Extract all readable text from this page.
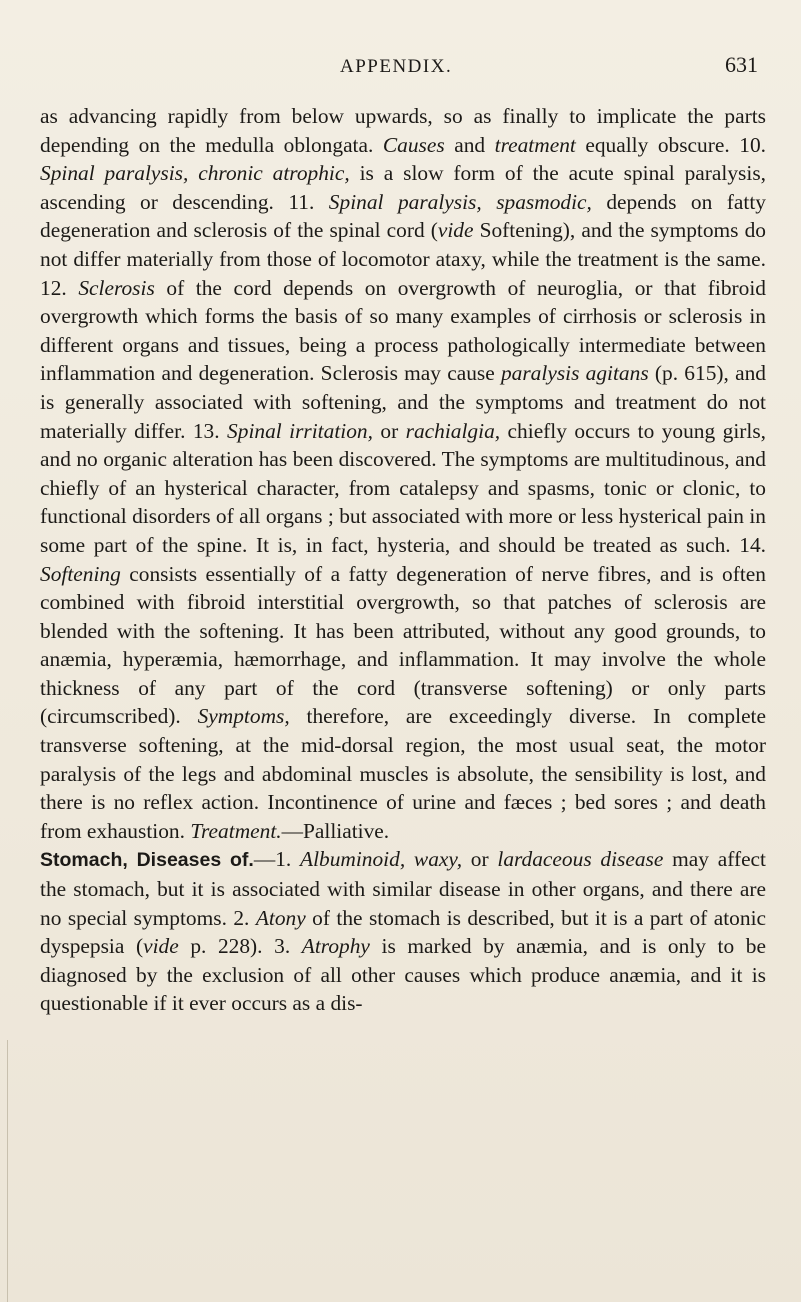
APPENDIX.	631

as advancing rapidly from below upwards, so as finally to implicate the parts depending on the medulla oblongata. Causes and treatment equally obscure. 10. Spinal paralysis, chronic atrophic, is a slow form of the acute spinal paralysis, ascending or descending. 11. Spinal paralysis, spasmodic, depends on fatty degeneration and sclerosis of the spinal cord (vide Softening), and the symptoms do not differ materially from those of locomotor ataxy, while the treatment is the same. 12. Sclerosis of the cord depends on overgrowth of neuroglia, or that fibroid overgrowth which forms the basis of so many examples of cirrhosis or sclerosis in different organs and tissues, being a process pathologically intermediate between inflammation and degeneration. Sclerosis may cause paralysis agitans (p. 615), and is generally associated with softening, and the symptoms and treatment do not materially differ. 13. Spinal irritation, or rachialgia, chiefly occurs to young girls, and no organic alteration has been discovered. The symptoms are multitudinous, and chiefly of an hysterical character, from catalepsy and spasms, tonic or clonic, to functional disorders of all organs ; but associated with more or less hysterical pain in some part of the spine. It is, in fact, hysteria, and should be treated as such. 14. Softening consists essentially of a fatty degeneration of nerve fibres, and is often combined with fibroid interstitial overgrowth, so that patches of sclerosis are blended with the softening. It has been attributed, without any good grounds, to anæmia, hyperæmia, hæmorrhage, and inflammation. It may involve the whole thickness of any part of the cord (transverse softening) or only parts (circumscribed). Symptoms, therefore, are exceedingly diverse. In complete transverse softening, at the mid-dorsal region, the most usual seat, the motor paralysis of the legs and abdominal muscles is absolute, the sensibility is lost, and there is no reflex action. Incontinence of urine and fæces ; bed sores ; and death from exhaustion. Treatment.—Palliative.

Stomach, Diseases of.—1. Albuminoid, waxy, or lardaceous disease may affect the stomach, but it is associated with similar disease in other organs, and there are no special symptoms. 2. Atony of the stomach is described, but it is a part of atonic dyspepsia (vide p. 228). 3. Atrophy is marked by anæmia, and is only to be diagnosed by the exclusion of all other causes which produce anæmia, and it is questionable if it ever occurs as a dis-
